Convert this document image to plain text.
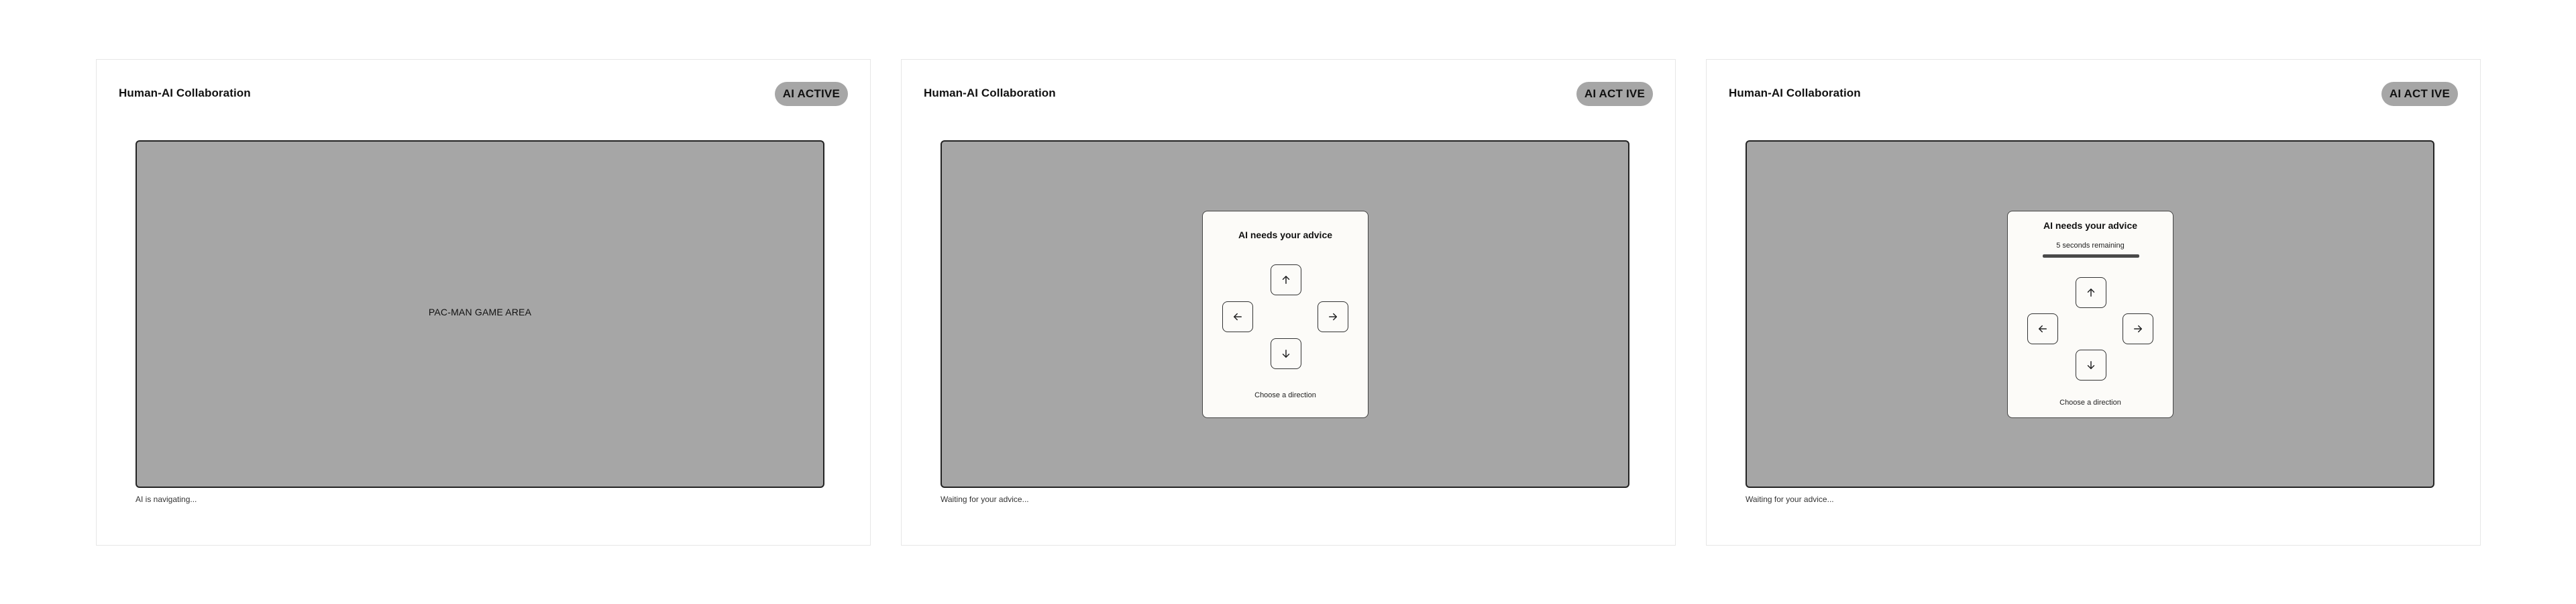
Human-AI Collaboration	AI ACTIVE
PAC-MAN GAME AREA
AI is navigating...
Human-AI Collaboration	AI ACT IVE
AI needs your advice
Choose a direction
Waiting for your advice...
Human-AI Collaboration	AI ACT IVE
AI needs your advice
5 seconds remaining
Choose a direction
Waiting for your advice...
